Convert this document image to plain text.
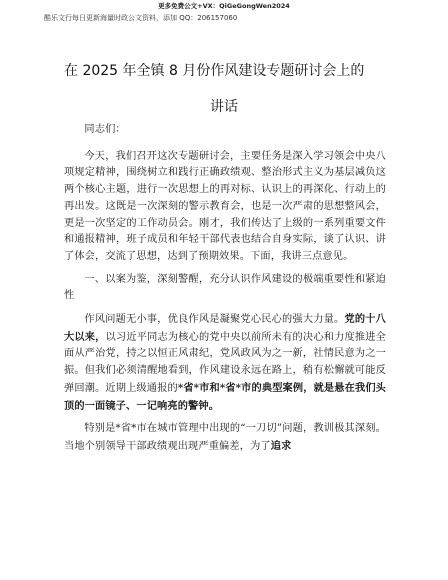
更多免费公文+VX：QiGeGongWen2024
酷乐文行每日更新海量时政公文资料，添加 QQ：206157060
在 2025 年全镇 8 月份作风建设专题研讨会上的
讲话

同志们：

今天，我们召开这次专题研讨会，主要任务是深入学习领会中央八项规定精神，围绕树立和践行正确政绩观、整治形式主义为基层减负这两个核心主题，进行一次思想上的再对标、认识上的再深化、行动上的再出发。这既是一次深刻的警示教育会，也是一次严肃的思想整风会，更是一次坚定的工作动员会。刚才，我们传达了上级的一系列重要文件和通报精神，班子成员和年轻干部代表也结合自身实际，谈了认识、讲了体会，交流了思想，达到了预期效果。下面，我讲三点意见。

一、以案为鉴，深刻警醒，充分认识作风建设的极端重要性和紧迫性

作风问题无小事，优良作风是凝聚党心民心的强大力量。党的十八大以来，以习近平同志为核心的党中央以前所未有的决心和力度推进全面从严治党，持之以恒正风肃纪，党风政风为之一新，社情民意为之一振。但我们必须清醒地看到，作风建设永远在路上，稍有松懈就可能反弹回潮。近期上级通报的*省*市和*省*市的典型案例，就是悬在我们头顶的一面镜子、一记响亮的警钟。

特别是*省*市在城市管理中出现的“一刀切”问题，教训极其深刻。当地个别领导干部政绩观出现严重偏差，为了追求
